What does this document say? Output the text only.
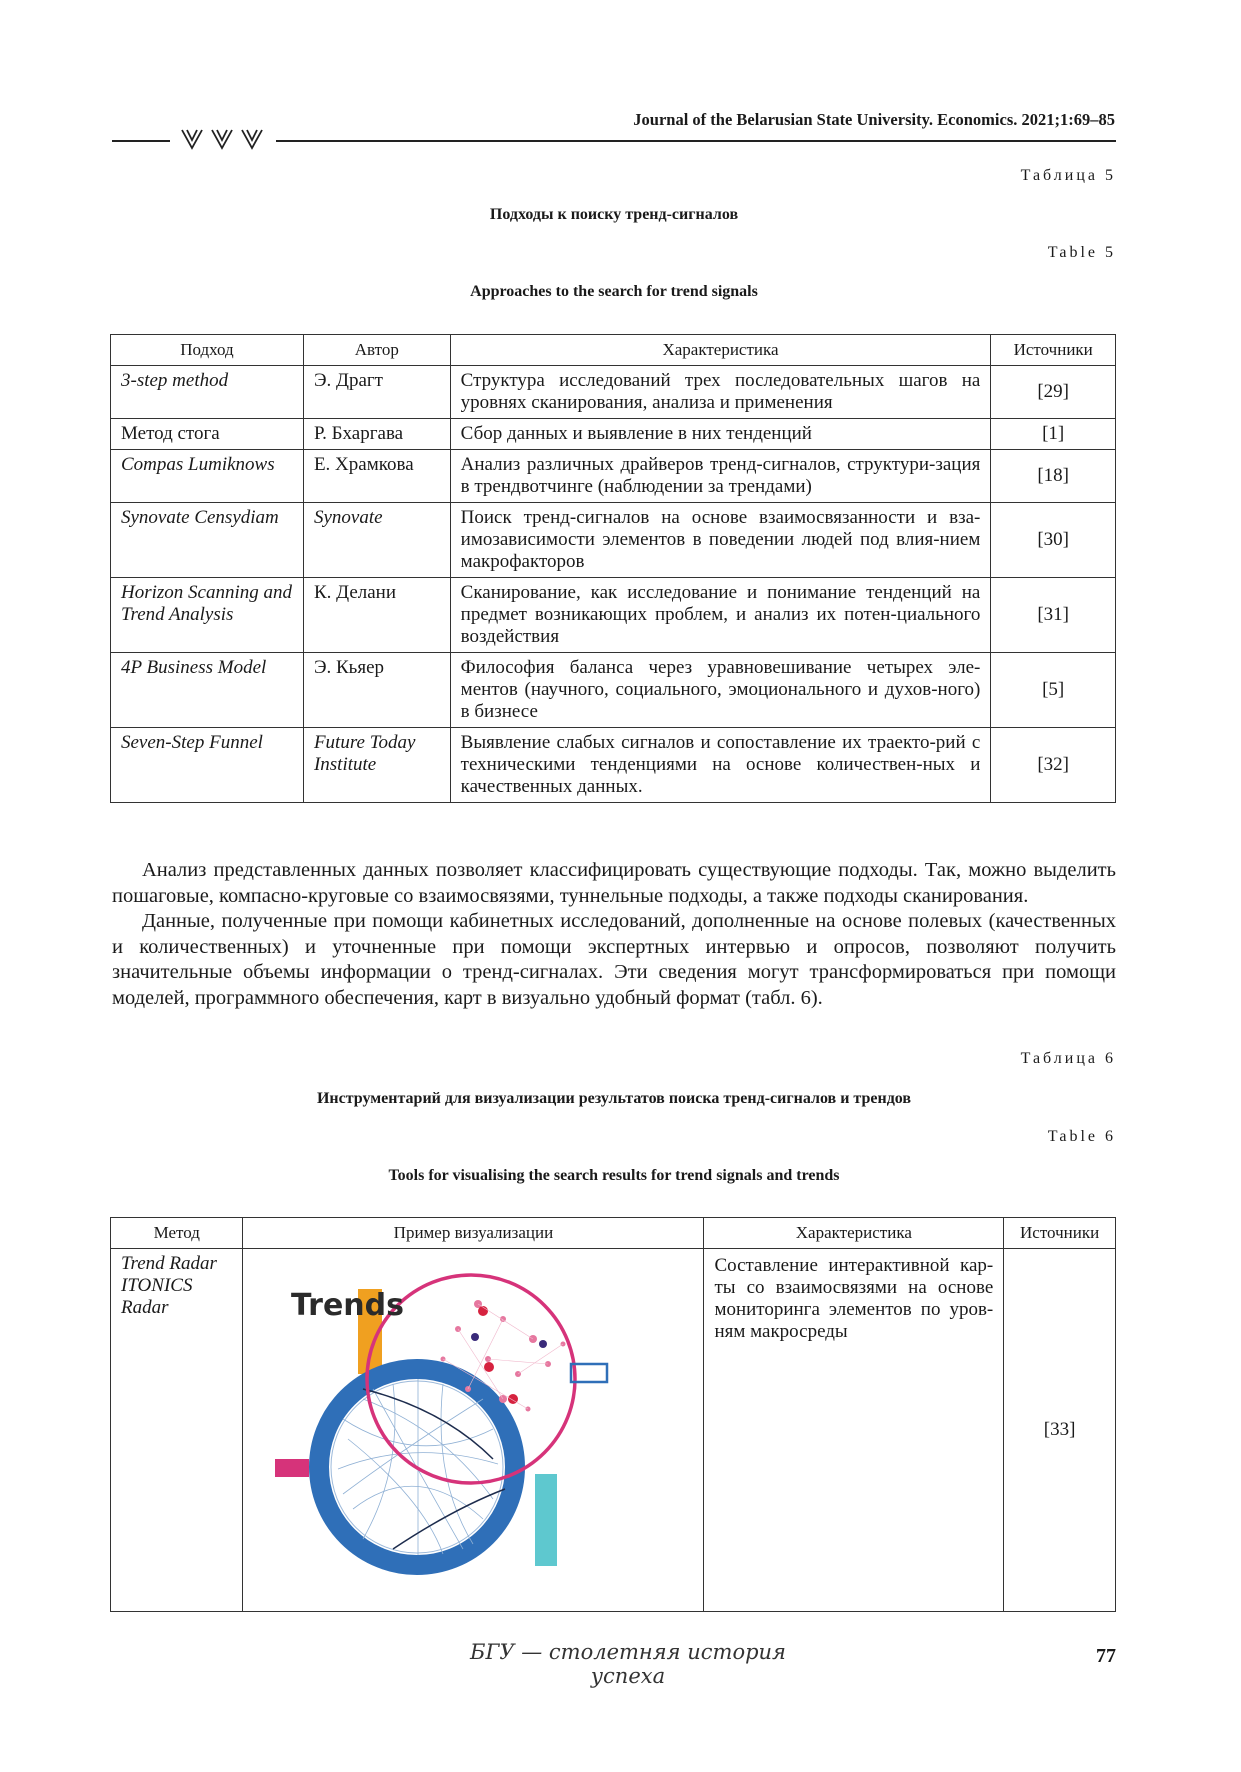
Journal of the Belarusian State University. Economics. 2021;1:69–85
Таблица 5
Подходы к поиску тренд-сигналов
Table 5
Approaches to the search for trend signals
Подход	Автор	Характеристика	Источники
3-step method	Э. Драгт	Структура исследований трех последовательных шагов на уровнях сканирования, анализа и применения	[29]
Метод стога	Р. Бхаргава	Сбор данных и выявление в них тенденций	[1]
Compas Lumiknows	Е. Храмкова	Анализ различных драйверов тренд-сигналов, структури-зация в трендвотчинге (наблюдении за трендами)	[18]
Synovate Censydiam	Synovate	Поиск тренд-сигналов на основе взаимосвязанности и вза-имозависимости элементов в поведении людей под влия-нием макрофакторов	[30]
Horizon Scanning and Trend Analysis	К. Делани	Сканирование, как исследование и понимание тенденций на предмет возникающих проблем, и анализ их потен-циального воздействия	[31]
4P Business Model	Э. Кьяер	Философия баланса через уравновешивание четырех эле-ментов (научного, социального, эмоционального и духов-ного) в бизнесе	[5]
Seven-Step Funnel	Future Today Institute	Выявление слабых сигналов и сопоставление их траекто-рий с техническими тенденциями на основе количествен-ных и качественных данных.	[32]

Анализ представленных данных позволяет классифицировать существующие подходы. Так, можно выделить пошаговые, компасно-круговые со взаимосвязями, туннельные подходы, а также подходы сканирования.

Данные, полученные при помощи кабинетных исследований, дополненные на основе полевых (качественных и количественных) и уточненные при помощи экспертных интервью и опросов, позволяют получить значительные объемы информации о тренд-сигналах. Эти сведения могут трансформироваться при помощи моделей, программного обеспечения, карт в визуально удобный формат (табл. 6).

Таблица 6
Инструментарий для визуализации результатов поиска тренд-сигналов и трендов
Table 6
Tools for visualising the search results for trend signals and trends
Метод	Пример визуализации	Характеристика	Источники
Trend Radar ITONICS Radar	Trends	Составление интерактивной кар-ты со взаимосвязями на основе мониторинга элементов по уров-ням макросреды	[33]
БГУ — столетняя история успеха
77
